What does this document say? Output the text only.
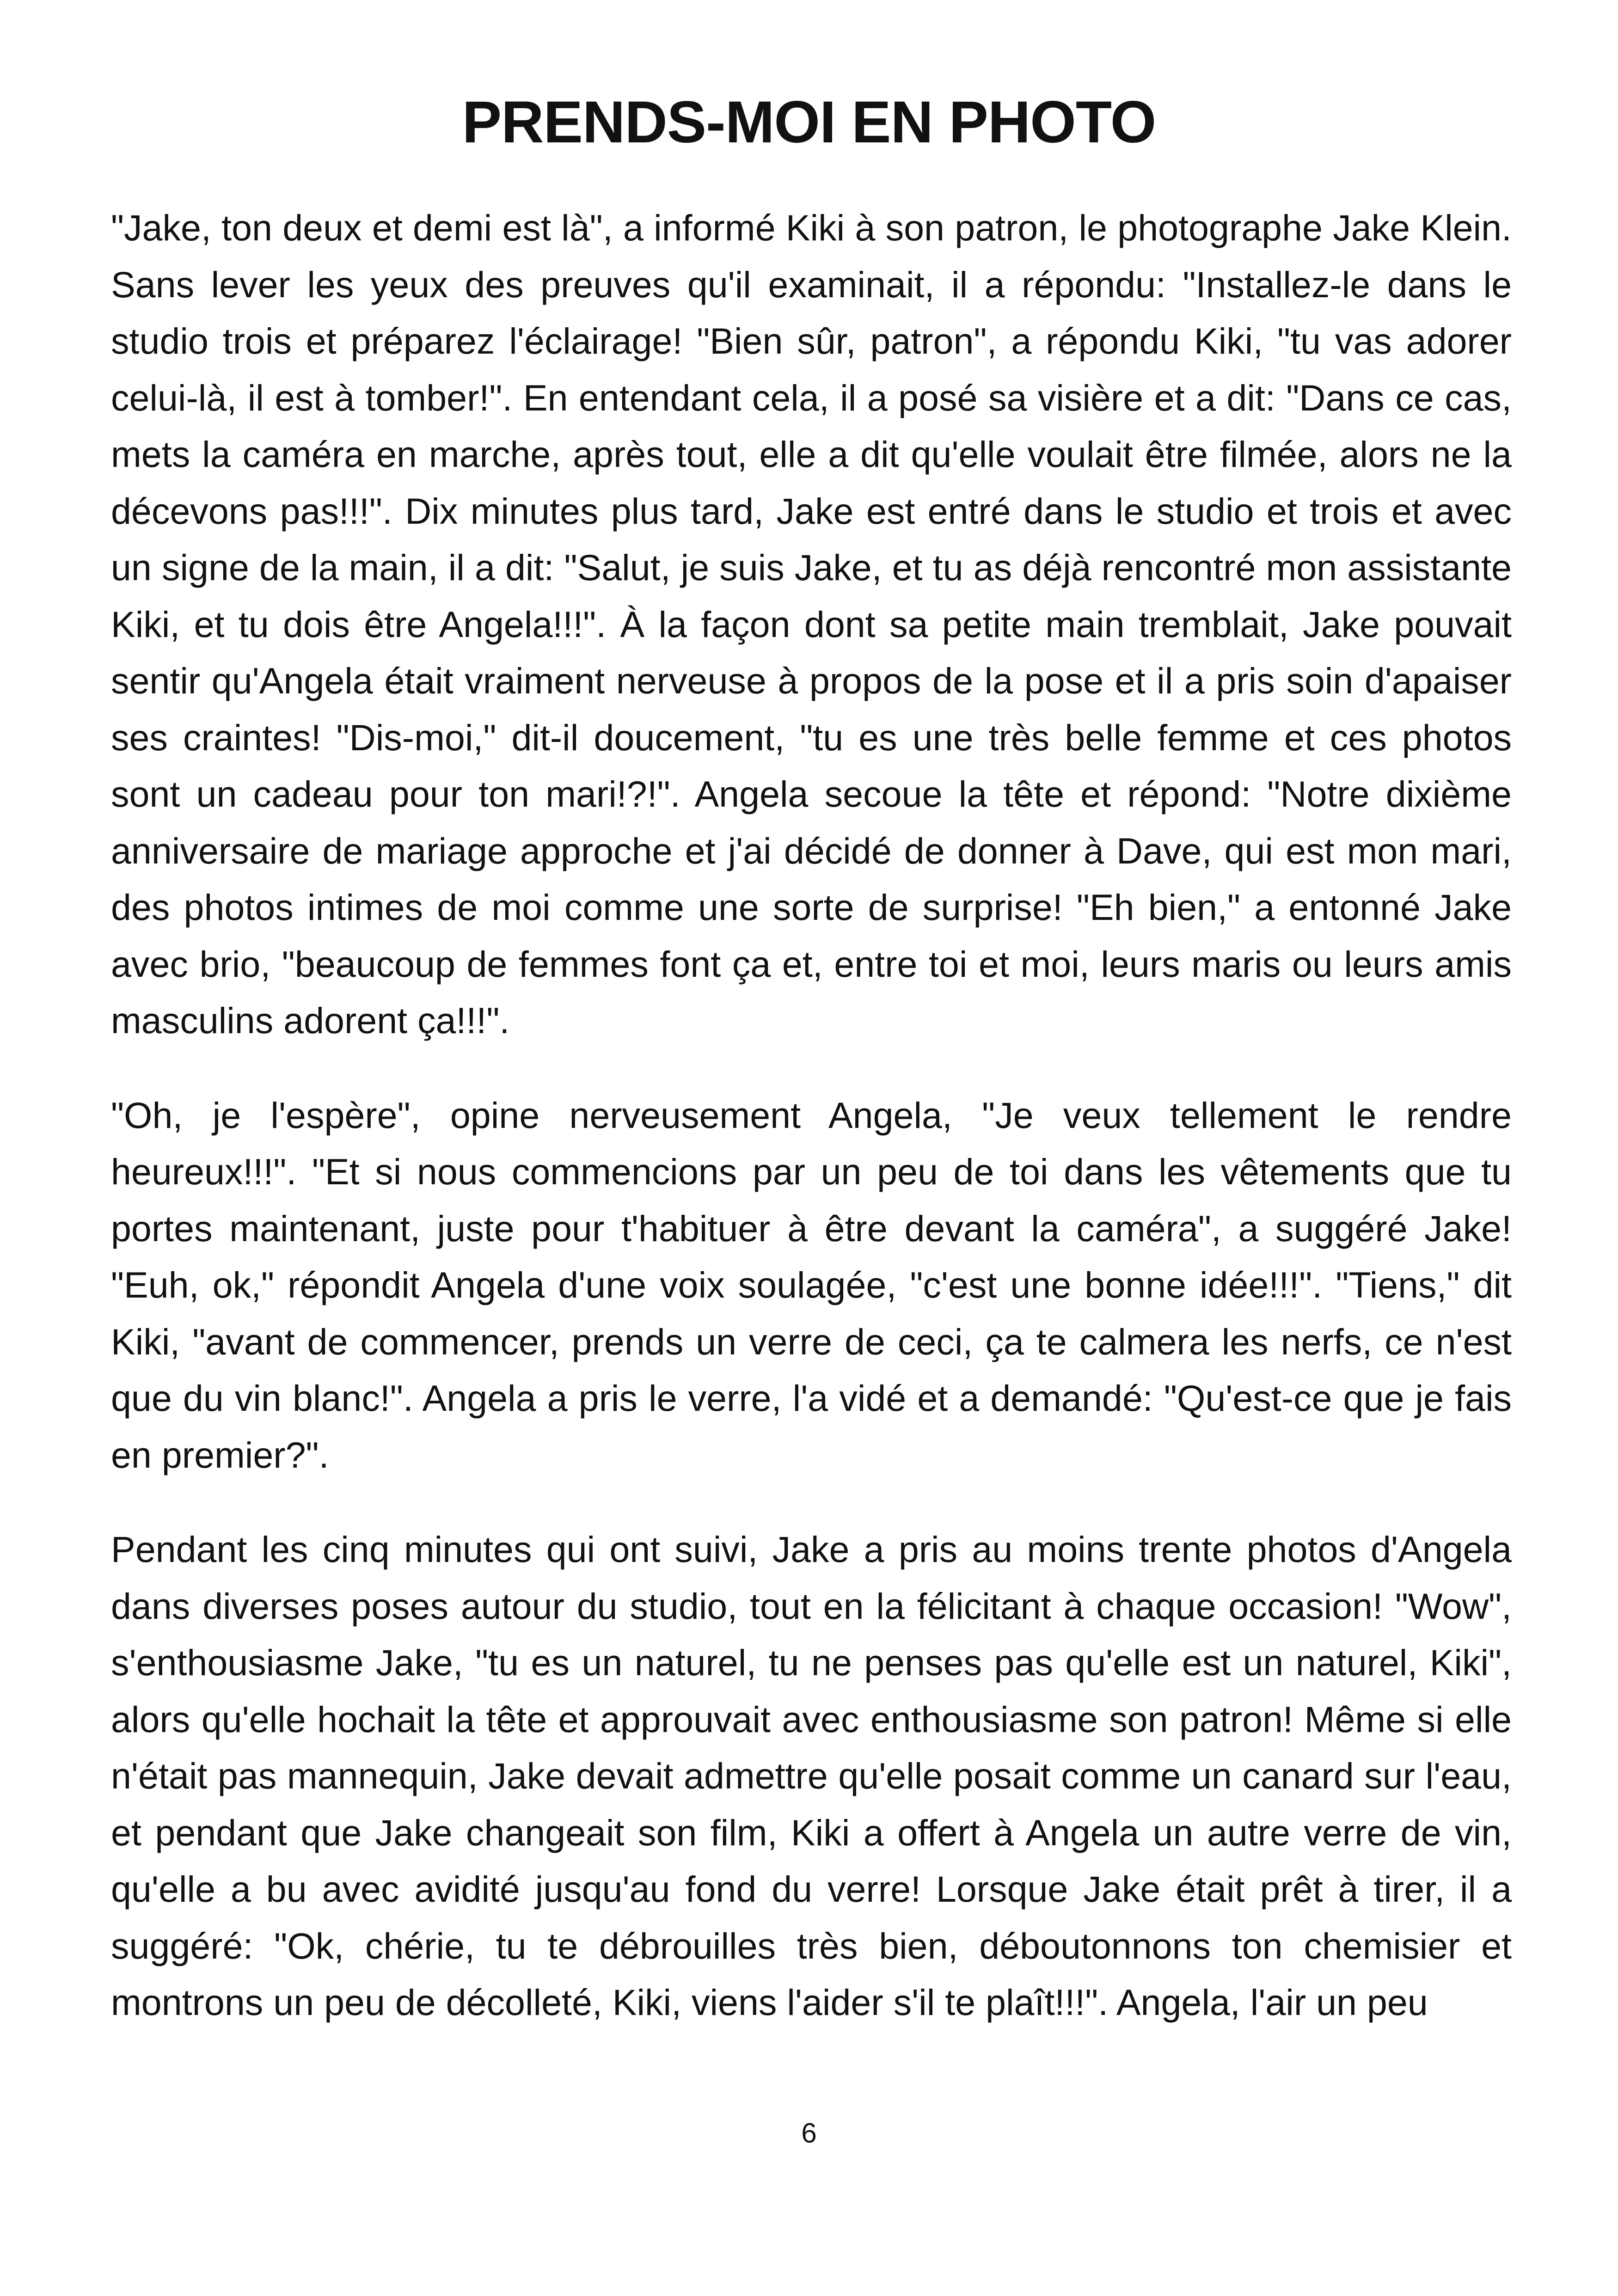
PRENDS-MOI EN PHOTO

"Jake, ton deux et demi est là", a informé Kiki à son patron, le photographe Jake Klein. Sans lever les yeux des preuves qu'il examinait, il a répondu: "Installez-le dans le studio trois et préparez l'éclairage! "Bien sûr, patron", a répondu Kiki, "tu vas adorer celui-là, il est à tomber!". En entendant cela, il a posé sa visière et a dit: "Dans ce cas, mets la caméra en marche, après tout, elle a dit qu'elle voulait être filmée, alors ne la décevons pas!!!". Dix minutes plus tard, Jake est entré dans le studio et trois et avec un signe de la main, il a dit: "Salut, je suis Jake, et tu as déjà rencontré mon assistante Kiki, et tu dois être Angela!!!". À la façon dont sa petite main tremblait, Jake pouvait sentir qu'Angela était vraiment nerveuse à propos de la pose et il a pris soin d'apaiser ses craintes! "Dis-moi," dit-il doucement, "tu es une très belle femme et ces photos sont un cadeau pour ton mari!?!". Angela secoue la tête et répond: "Notre dixième anniversaire de mariage approche et j'ai décidé de donner à Dave, qui est mon mari, des photos intimes de moi comme une sorte de surprise! "Eh bien," a entonné Jake avec brio, "beaucoup de femmes font ça et, entre toi et moi, leurs maris ou leurs amis masculins adorent ça!!!".

"Oh, je l'espère", opine nerveusement Angela, "Je veux tellement le rendre heureux!!!". "Et si nous commencions par un peu de toi dans les vêtements que tu portes maintenant, juste pour t'habituer à être devant la caméra", a suggéré Jake! "Euh, ok," répondit Angela d'une voix soulagée, "c'est une bonne idée!!!". "Tiens," dit Kiki, "avant de commencer, prends un verre de ceci, ça te calmera les nerfs, ce n'est que du vin blanc!". Angela a pris le verre, l'a vidé et a demandé: "Qu'est-ce que je fais en premier?".

Pendant les cinq minutes qui ont suivi, Jake a pris au moins trente photos d'Angela dans diverses poses autour du studio, tout en la félicitant à chaque occasion! "Wow", s'enthousiasme Jake, "tu es un naturel, tu ne penses pas qu'elle est un naturel, Kiki", alors qu'elle hochait la tête et approuvait avec enthousiasme son patron! Même si elle n'était pas mannequin, Jake devait admettre qu'elle posait comme un canard sur l'eau, et pendant que Jake changeait son film, Kiki a offert à Angela un autre verre de vin, qu'elle a bu avec avidité jusqu'au fond du verre! Lorsque Jake était prêt à tirer, il a suggéré: "Ok, chérie, tu te débrouilles très bien, déboutonnons ton chemisier et montrons un peu de décolleté, Kiki, viens l'aider s'il te plaît!!!". Angela, l'air un peu

6
